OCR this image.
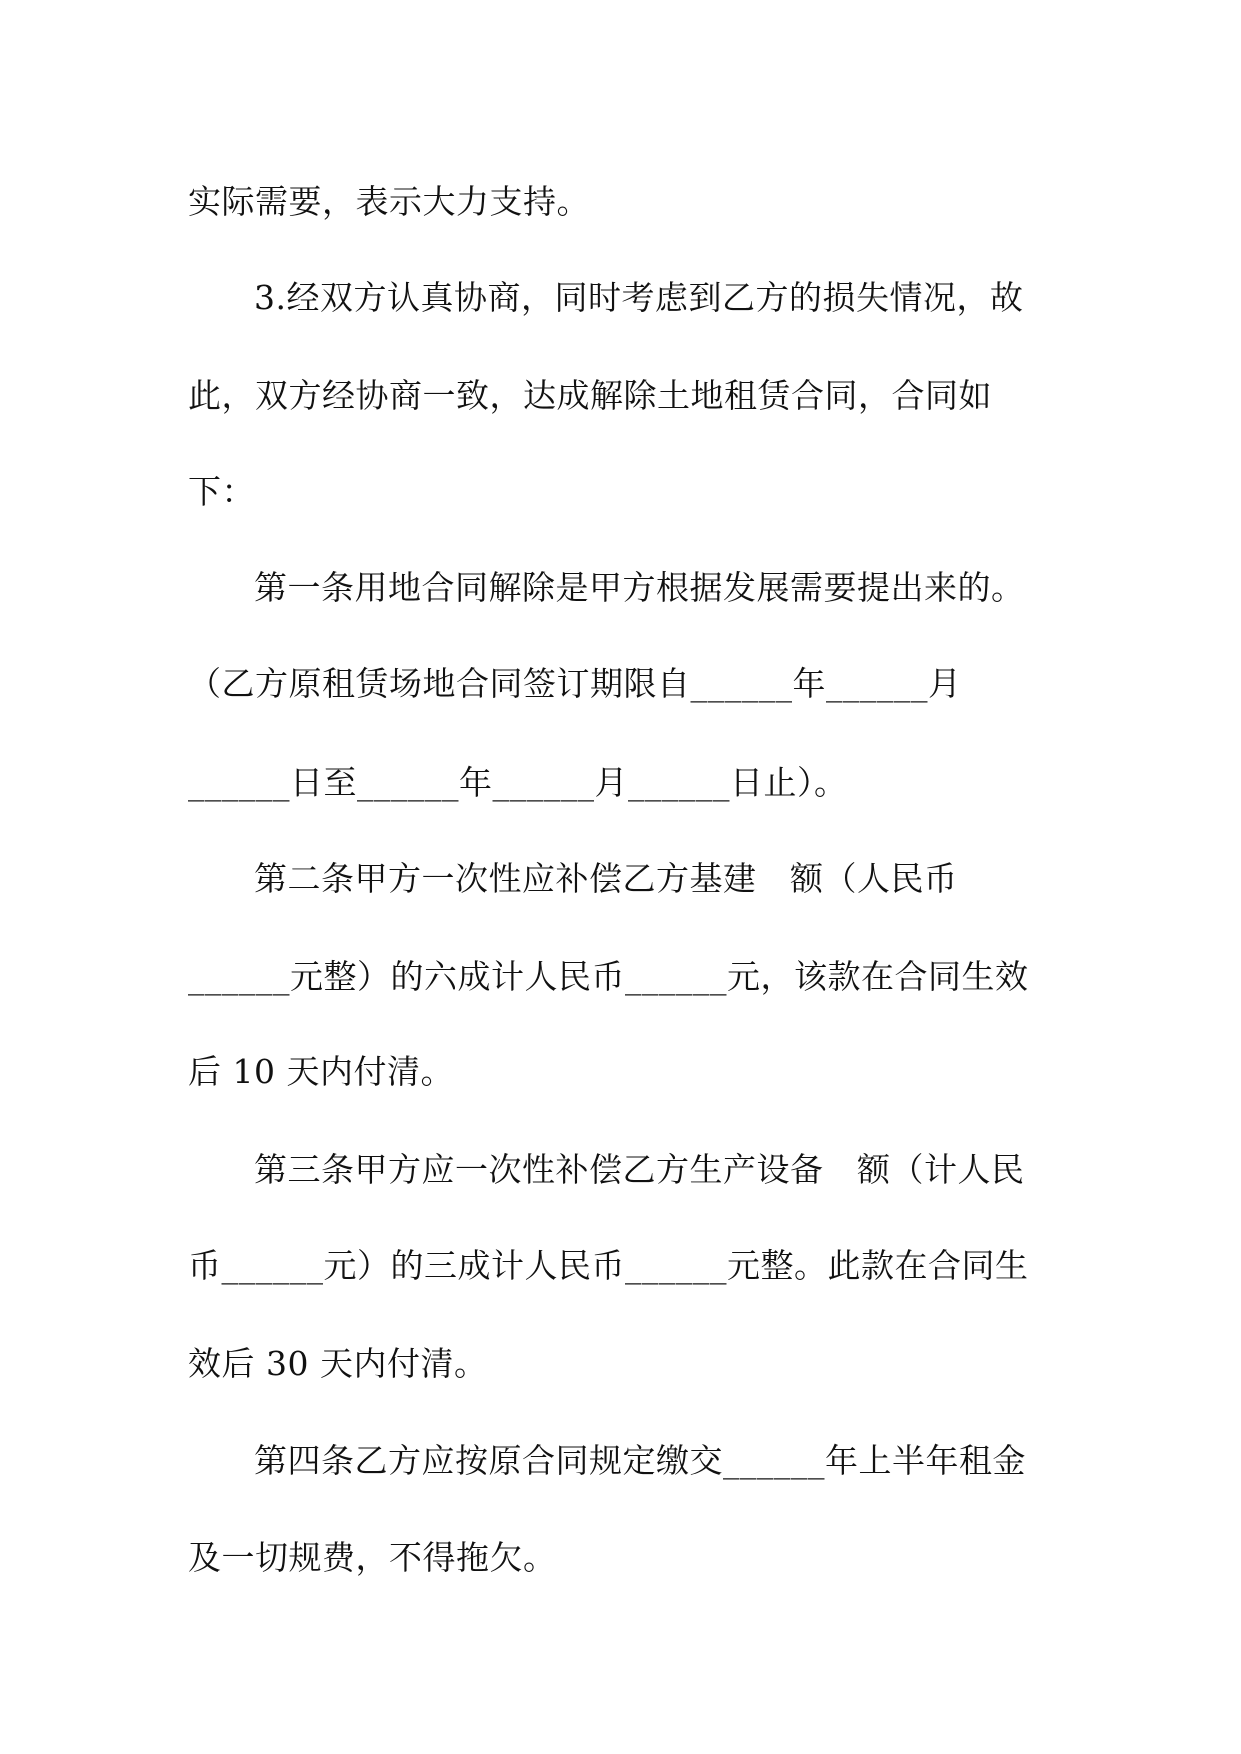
实际需要，表示大力支持。
3.经双方认真协商，同时考虑到乙方的损失情况，故
此，双方经协商一致，达成解除土地租赁合同，合同如
下：
第一条用地合同解除是甲方根据发展需要提出来的。
（乙方原租赁场地合同签订期限自______年______月
______日至______年______月______日止）。
第二条甲方一次性应补偿乙方基建　额（人民币
______元整）的六成计人民币______元，该款在合同生效
后 10 天内付清。
第三条甲方应一次性补偿乙方生产设备　额（计人民
币______元）的三成计人民币______元整。此款在合同生
效后 30 天内付清。
第四条乙方应按原合同规定缴交______年上半年租金
及一切规费，不得拖欠。
